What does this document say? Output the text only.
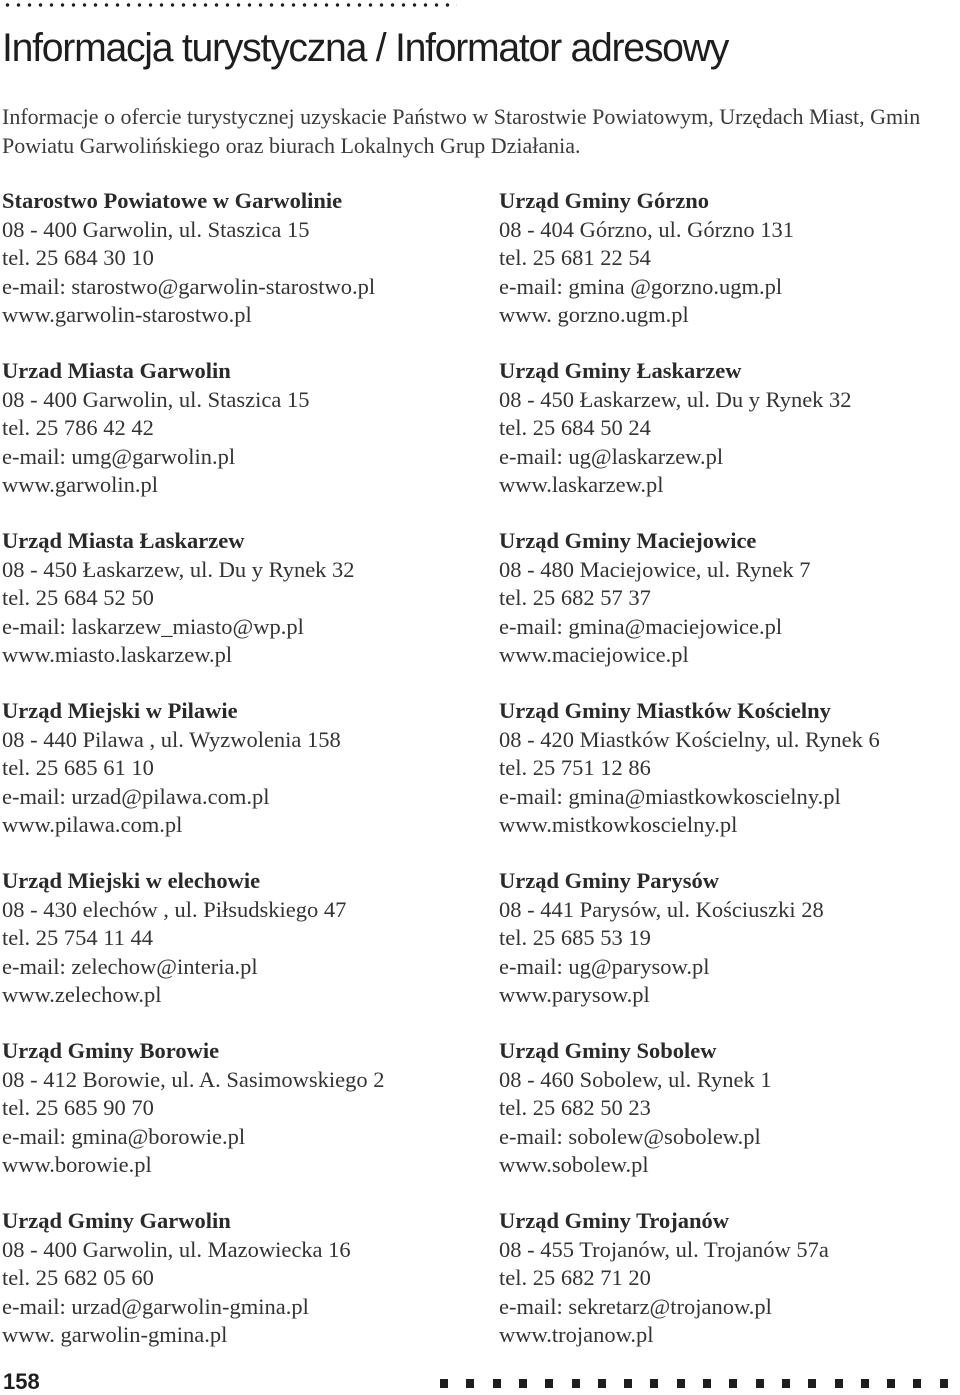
Informacja turystyczna / Informator adresowy

Informacje o ofercie turystycznej uzyskacie Państwo w Starostwie Powiatowym, Urzędach Miast, Gmin Powiatu Garwolińskiego oraz biurach Lokalnych Grup Działania.

Starostwo Powiatowe w Garwolinie
08 - 400 Garwolin, ul. Staszica 15
tel. 25 684 30 10
e-mail: starostwo@garwolin-starostwo.pl
www.garwolin-starostwo.pl
Urzad Miasta Garwolin
08 - 400 Garwolin, ul. Staszica 15
tel. 25 786 42 42
e-mail: umg@garwolin.pl
www.garwolin.pl
Urząd Miasta Łaskarzew
08 - 450 Łaskarzew, ul. Du y Rynek 32
tel. 25 684 52 50
e-mail: laskarzew_miasto@wp.pl
www.miasto.laskarzew.pl
Urząd Miejski w Pilawie
08 - 440 Pilawa , ul. Wyzwolenia 158
tel. 25 685 61 10
e-mail: urzad@pilawa.com.pl
www.pilawa.com.pl
Urząd Miejski w elechowie
08 - 430 elechów , ul. Piłsudskiego 47
tel. 25 754 11 44
e-mail: zelechow@interia.pl
www.zelechow.pl
Urząd Gminy Borowie
08 - 412 Borowie, ul. A. Sasimowskiego 2
tel. 25 685 90 70
e-mail: gmina@borowie.pl
www.borowie.pl
Urząd Gminy Garwolin
08 - 400 Garwolin, ul. Mazowiecka 16
tel. 25 682 05 60
e-mail: urzad@garwolin-gmina.pl
www. garwolin-gmina.pl
Urząd Gminy Górzno
08 - 404 Górzno, ul. Górzno 131
tel. 25 681 22 54
e-mail: gmina @gorzno.ugm.pl
www. gorzno.ugm.pl
Urząd Gminy Łaskarzew
08 - 450 Łaskarzew, ul. Du y Rynek 32
tel. 25 684 50 24
e-mail: ug@laskarzew.pl
www.laskarzew.pl
Urząd Gminy Maciejowice
08 - 480 Maciejowice, ul. Rynek 7
tel. 25 682 57 37
e-mail: gmina@maciejowice.pl
www.maciejowice.pl
Urząd Gminy Miastków Kościelny
08 - 420 Miastków Kościelny, ul. Rynek 6
tel. 25 751 12 86
e-mail: gmina@miastkowkoscielny.pl
www.mistkowkoscielny.pl
Urząd Gminy Parysów
08 - 441 Parysów, ul. Kościuszki 28
tel. 25 685 53 19
e-mail: ug@parysow.pl
www.parysow.pl
Urząd Gminy Sobolew
08 - 460 Sobolew, ul. Rynek 1
tel. 25 682 50 23
e-mail: sobolew@sobolew.pl
www.sobolew.pl
Urząd Gminy Trojanów
08 - 455 Trojanów, ul. Trojanów 57a
tel. 25 682 71 20
e-mail: sekretarz@trojanow.pl
www.trojanow.pl
158
